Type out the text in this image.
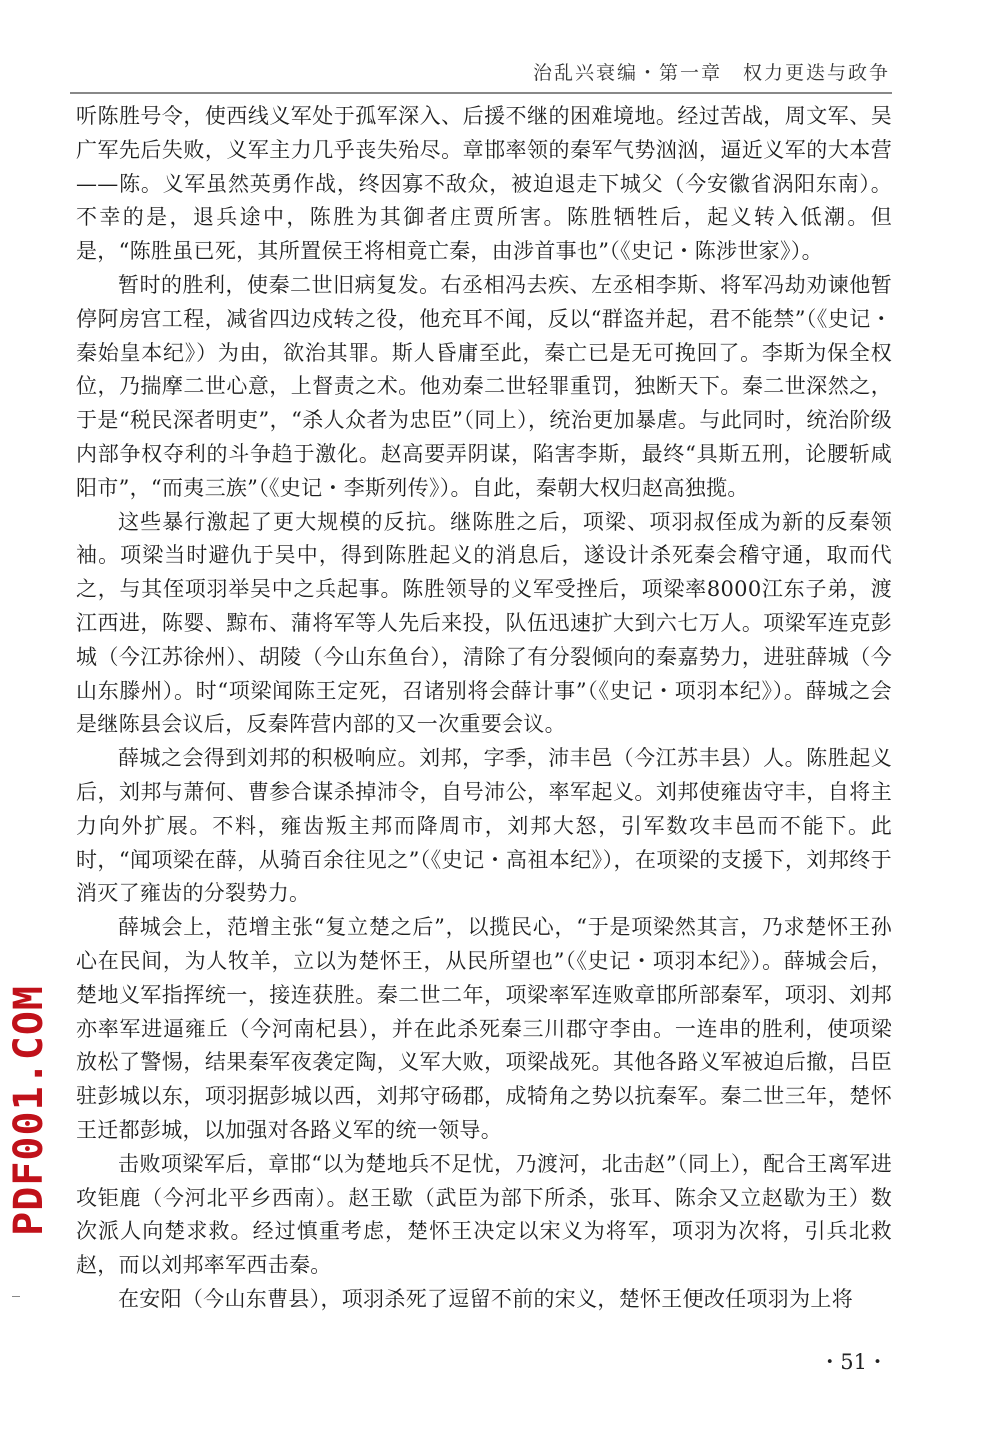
治乱兴衰编・第一章　权力更迭与政争

听陈胜号令，使西线义军处于孤军深入、后援不继的困难境地。经过苦战，周文军、吴广军先后失败，义军主力几乎丧失殆尽。章邯率领的秦军气势汹汹，逼近义军的大本营——陈。义军虽然英勇作战，终因寡不敌众，被迫退走下城父（今安徽省涡阳东南）。不幸的是，退兵途中，陈胜为其御者庄贾所害。陈胜牺牲后，起义转入低潮。但是，“陈胜虽已死，其所置侯王将相竟亡秦，由涉首事也”（《史记・陈涉世家》）。

暂时的胜利，使秦二世旧病复发。右丞相冯去疾、左丞相李斯、将军冯劫劝谏他暂停阿房宫工程，减省四边戍转之役，他充耳不闻，反以“群盗并起，君不能禁”（《史记・秦始皇本纪》）为由，欲治其罪。斯人昏庸至此，秦亡已是无可挽回了。李斯为保全权位，乃揣摩二世心意，上督责之术。他劝秦二世轻罪重罚，独断天下。秦二世深然之，于是“税民深者明吏”，“杀人众者为忠臣”（同上），统治更加暴虐。与此同时，统治阶级内部争权夺利的斗争趋于激化。赵高要弄阴谋，陷害李斯，最终“具斯五刑，论腰斩咸阳市”，“而夷三族”（《史记・李斯列传》）。自此，秦朝大权归赵高独揽。

这些暴行激起了更大规模的反抗。继陈胜之后，项梁、项羽叔侄成为新的反秦领袖。项梁当时避仇于吴中，得到陈胜起义的消息后，遂设计杀死秦会稽守通，取而代之，与其侄项羽举吴中之兵起事。陈胜领导的义军受挫后，项梁率8000江东子弟，渡江西进，陈婴、黥布、蒲将军等人先后来投，队伍迅速扩大到六七万人。项梁军连克彭城（今江苏徐州）、胡陵（今山东鱼台），清除了有分裂倾向的秦嘉势力，进驻薛城（今山东滕州）。时“项梁闻陈王定死，召诸别将会薛计事”（《史记・项羽本纪》）。薛城之会是继陈县会议后，反秦阵营内部的又一次重要会议。

薛城之会得到刘邦的积极响应。刘邦，字季，沛丰邑（今江苏丰县）人。陈胜起义后，刘邦与萧何、曹参合谋杀掉沛令，自号沛公，率军起义。刘邦使雍齿守丰，自将主力向外扩展。不料，雍齿叛主邦而降周市，刘邦大怒，引军数攻丰邑而不能下。此时，“闻项梁在薛，从骑百余往见之”（《史记・高祖本纪》），在项梁的支援下，刘邦终于消灭了雍齿的分裂势力。

薛城会上，范增主张“复立楚之后”，以揽民心，“于是项梁然其言，乃求楚怀王孙心在民间，为人牧羊，立以为楚怀王，从民所望也”（《史记・项羽本纪》）。薛城会后，楚地义军指挥统一，接连获胜。秦二世二年，项梁率军连败章邯所部秦军，项羽、刘邦亦率军进逼雍丘（今河南杞县），并在此杀死秦三川郡守李由。一连串的胜利，使项梁放松了警惕，结果秦军夜袭定陶，义军大败，项梁战死。其他各路义军被迫后撤，吕臣驻彭城以东，项羽据彭城以西，刘邦守砀郡，成犄角之势以抗秦军。秦二世三年，楚怀王迁都彭城，以加强对各路义军的统一领导。

击败项梁军后，章邯“以为楚地兵不足忧，乃渡河，北击赵”（同上），配合王离军进攻钜鹿（今河北平乡西南）。赵王歇（武臣为部下所杀，张耳、陈余又立赵歇为王）数次派人向楚求救。经过慎重考虑，楚怀王决定以宋义为将军，项羽为次将，引兵北救赵，而以刘邦率军西击秦。

在安阳（今山东曹县），项羽杀死了逗留不前的宋义，楚怀王便改任项羽为上将

・51・
PDF001.COM
